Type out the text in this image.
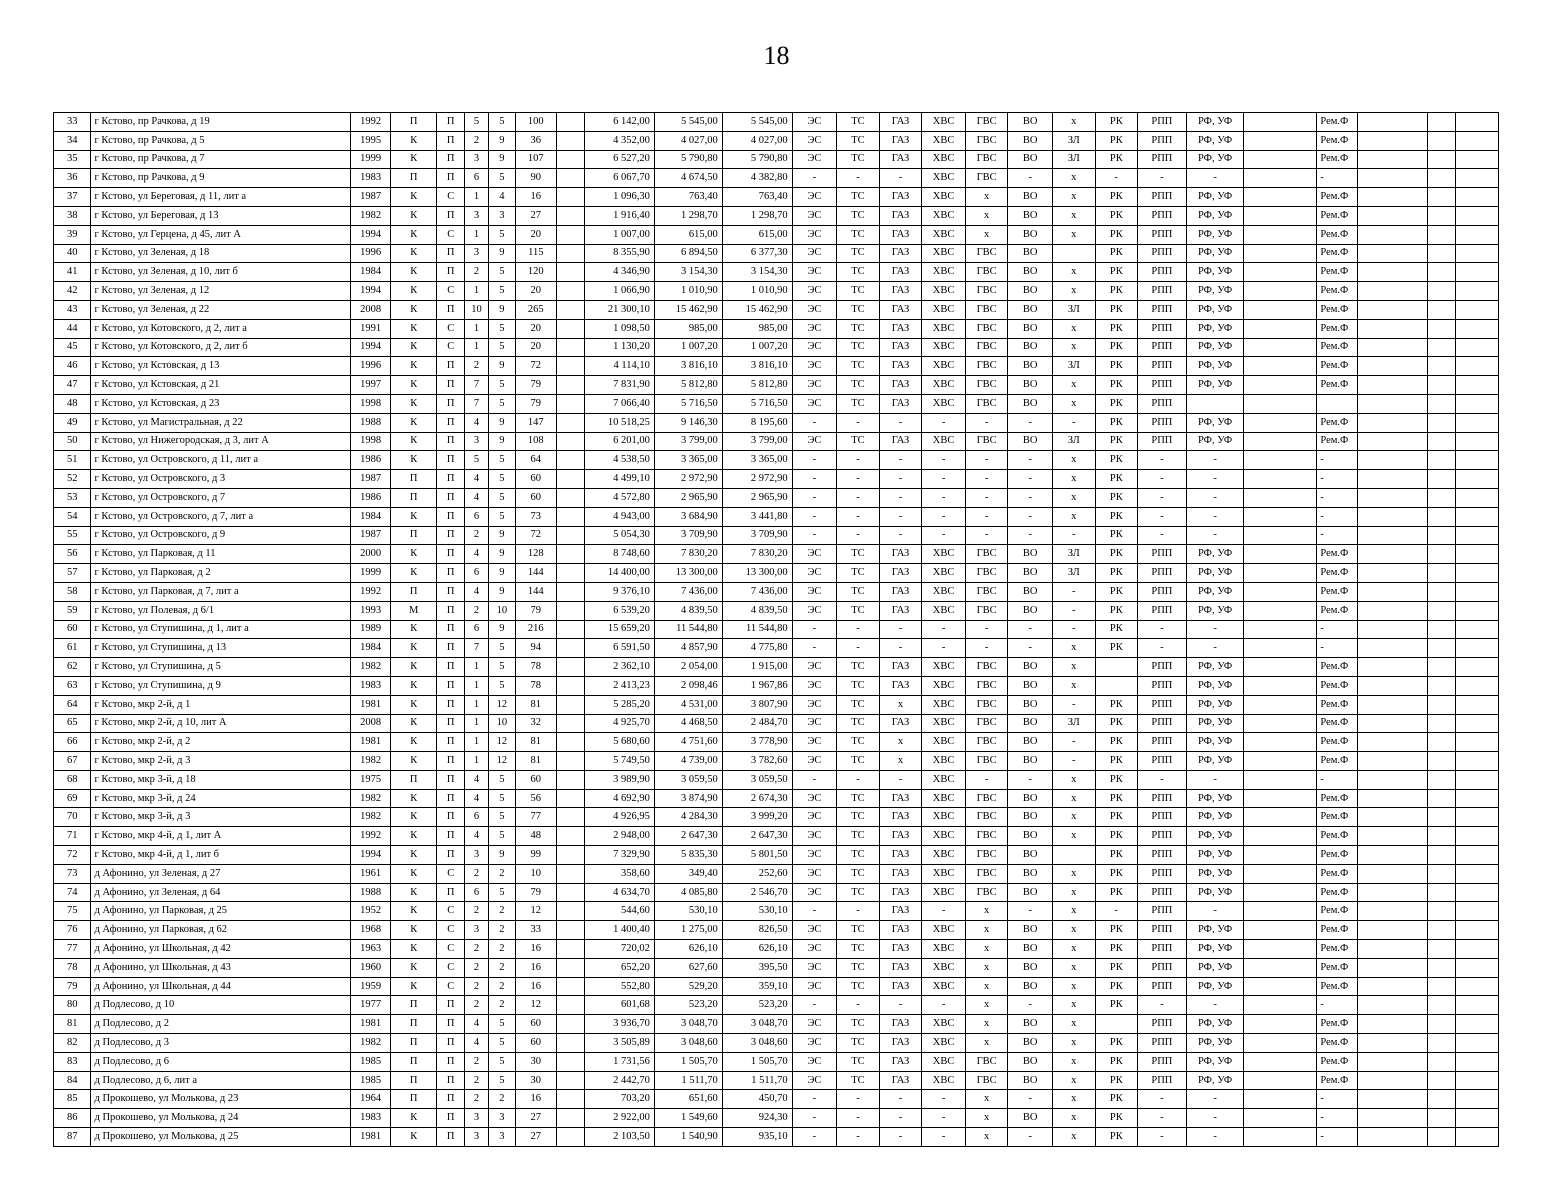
18
33	г Кстово, пр Рачкова, д 19	1992	П	П	5	5	100		6 142,00	5 545,00	5 545,00	ЭС	ТС	ГАЗ	ХВС	ГВС	ВО	х	РК	РПП	РФ, УФ		Рем.Ф			
34	г Кстово, пр Рачкова, д 5	1995	К	П	2	9	36		4 352,00	4 027,00	4 027,00	ЭС	ТС	ГАЗ	ХВС	ГВС	ВО	ЗЛ	РК	РПП	РФ, УФ		Рем.Ф			
35	г Кстово, пр Рачкова, д 7	1999	К	П	3	9	107		6 527,20	5 790,80	5 790,80	ЭС	ТС	ГАЗ	ХВС	ГВС	ВО	ЗЛ	РК	РПП	РФ, УФ		Рем.Ф			
36	г Кстово, пр Рачкова, д 9	1983	П	П	6	5	90		6 067,70	4 674,50	4 382,80	-	-	-	ХВС	ГВС	-	х	-	-	-		-			
37	г Кстово, ул Береговая, д 11, лит а	1987	К	С	1	4	16		1 096,30	763,40	763,40	ЭС	ТС	ГАЗ	ХВС	х	ВО	х	РК	РПП	РФ, УФ		Рем.Ф			
38	г Кстово, ул Береговая, д 13	1982	К	П	3	3	27		1 916,40	1 298,70	1 298,70	ЭС	ТС	ГАЗ	ХВС	х	ВО	х	РК	РПП	РФ, УФ		Рем.Ф			
39	г Кстово, ул Герцена, д 45, лит А	1994	К	С	1	5	20		1 007,00	615,00	615,00	ЭС	ТС	ГАЗ	ХВС	х	ВО	х	РК	РПП	РФ, УФ		Рем.Ф			
40	г Кстово, ул Зеленая, д 18	1996	К	П	3	9	115		8 355,90	6 894,50	6 377,30	ЭС	ТС	ГАЗ	ХВС	ГВС	ВО		РК	РПП	РФ, УФ		Рем.Ф			
41	г Кстово, ул Зеленая, д 10, лит б	1984	К	П	2	5	120		4 346,90	3 154,30	3 154,30	ЭС	ТС	ГАЗ	ХВС	ГВС	ВО	х	РК	РПП	РФ, УФ		Рем.Ф			
42	г Кстово, ул Зеленая, д 12	1994	К	С	1	5	20		1 066,90	1 010,90	1 010,90	ЭС	ТС	ГАЗ	ХВС	ГВС	ВО	х	РК	РПП	РФ, УФ		Рем.Ф			
43	г Кстово, ул Зеленая, д 22	2008	К	П	10	9	265		21 300,10	15 462,90	15 462,90	ЭС	ТС	ГАЗ	ХВС	ГВС	ВО	ЗЛ	РК	РПП	РФ, УФ		Рем.Ф			
44	г Кстово, ул Котовского, д 2, лит а	1991	К	С	1	5	20		1 098,50	985,00	985,00	ЭС	ТС	ГАЗ	ХВС	ГВС	ВО	х	РК	РПП	РФ, УФ		Рем.Ф			
45	г Кстово, ул Котовского, д 2, лит б	1994	К	С	1	5	20		1 130,20	1 007,20	1 007,20	ЭС	ТС	ГАЗ	ХВС	ГВС	ВО	х	РК	РПП	РФ, УФ		Рем.Ф			
46	г Кстово, ул Кстовская, д 13	1996	К	П	2	9	72		4 114,10	3 816,10	3 816,10	ЭС	ТС	ГАЗ	ХВС	ГВС	ВО	ЗЛ	РК	РПП	РФ, УФ		Рем.Ф			
47	г Кстово, ул Кстовская, д 21	1997	К	П	7	5	79		7 831,90	5 812,80	5 812,80	ЭС	ТС	ГАЗ	ХВС	ГВС	ВО	х	РК	РПП	РФ, УФ		Рем.Ф			
48	г Кстово, ул Кстовская, д 23	1998	К	П	7	5	79		7 066,40	5 716,50	5 716,50	ЭС	ТС	ГАЗ	ХВС	ГВС	ВО	х	РК	РПП						
49	г Кстово, ул Магистральная, д 22	1988	К	П	4	9	147		10 518,25	9 146,30	8 195,60	-	-	-	-	-	-	-	РК	РПП	РФ, УФ		Рем.Ф			
50	г Кстово, ул Нижегородская, д 3, лит А	1998	К	П	3	9	108		6 201,00	3 799,00	3 799,00	ЭС	ТС	ГАЗ	ХВС	ГВС	ВО	ЗЛ	РК	РПП	РФ, УФ		Рем.Ф			
51	г Кстово, ул Островского, д 11, лит а	1986	К	П	5	5	64		4 538,50	3 365,00	3 365,00	-	-	-	-	-	-	х	РК	-	-		-			
52	г Кстово, ул Островского, д 3	1987	П	П	4	5	60		4 499,10	2 972,90	2 972,90	-	-	-	-	-	-	х	РК	-	-		-			
53	г Кстово, ул Островского, д 7	1986	П	П	4	5	60		4 572,80	2 965,90	2 965,90	-	-	-	-	-	-	х	РК	-	-		-			
54	г Кстово, ул Островского, д 7, лит а	1984	К	П	6	5	73		4 943,00	3 684,90	3 441,80	-	-	-	-	-	-	х	РК	-	-		-			
55	г Кстово, ул Островского, д 9	1987	П	П	2	9	72		5 054,30	3 709,90	3 709,90	-	-	-	-	-	-	-	РК	-	-		-			
56	г Кстово, ул Парковая, д 11	2000	К	П	4	9	128		8 748,60	7 830,20	7 830,20	ЭС	ТС	ГАЗ	ХВС	ГВС	ВО	ЗЛ	РК	РПП	РФ, УФ		Рем.Ф			
57	г Кстово, ул Парковая, д 2	1999	К	П	6	9	144		14 400,00	13 300,00	13 300,00	ЭС	ТС	ГАЗ	ХВС	ГВС	ВО	ЗЛ	РК	РПП	РФ, УФ		Рем.Ф			
58	г Кстово, ул Парковая, д 7, лит а	1992	П	П	4	9	144		9 376,10	7 436,00	7 436,00	ЭС	ТС	ГАЗ	ХВС	ГВС	ВО	-	РК	РПП	РФ, УФ		Рем.Ф			
59	г Кстово, ул Полевая, д 6/1	1993	М	П	2	10	79		6 539,20	4 839,50	4 839,50	ЭС	ТС	ГАЗ	ХВС	ГВС	ВО	-	РК	РПП	РФ, УФ		Рем.Ф			
60	г Кстово, ул Ступишина, д 1, лит а	1989	К	П	6	9	216		15 659,20	11 544,80	11 544,80	-	-	-	-	-	-	-	РК	-	-		-			
61	г Кстово, ул Ступишина, д 13	1984	К	П	7	5	94		6 591,50	4 857,90	4 775,80	-	-	-	-	-	-	х	РК	-	-		-			
62	г Кстово, ул Ступишина, д 5	1982	К	П	1	5	78		2 362,10	2 054,00	1 915,00	ЭС	ТС	ГАЗ	ХВС	ГВС	ВО	х		РПП	РФ, УФ		Рем.Ф			
63	г Кстово, ул Ступишина, д 9	1983	К	П	1	5	78		2 413,23	2 098,46	1 967,86	ЭС	ТС	ГАЗ	ХВС	ГВС	ВО	х		РПП	РФ, УФ		Рем.Ф			
64	г Кстово, мкр 2-й, д 1	1981	К	П	1	12	81		5 285,20	4 531,00	3 807,90	ЭС	ТС	х	ХВС	ГВС	ВО	-	РК	РПП	РФ, УФ		Рем.Ф			
65	г Кстово, мкр 2-й, д 10, лит А	2008	К	П	1	10	32		4 925,70	4 468,50	2 484,70	ЭС	ТС	ГАЗ	ХВС	ГВС	ВО	ЗЛ	РК	РПП	РФ, УФ		Рем.Ф			
66	г Кстово, мкр 2-й, д 2	1981	К	П	1	12	81		5 680,60	4 751,60	3 778,90	ЭС	ТС	х	ХВС	ГВС	ВО	-	РК	РПП	РФ, УФ		Рем.Ф			
67	г Кстово, мкр 2-й, д 3	1982	К	П	1	12	81		5 749,50	4 739,00	3 782,60	ЭС	ТС	х	ХВС	ГВС	ВО	-	РК	РПП	РФ, УФ		Рем.Ф			
68	г Кстово, мкр 3-й, д 18	1975	П	П	4	5	60		3 989,90	3 059,50	3 059,50	-	-	-	ХВС	-	-	х	РК	-	-		-			
69	г Кстово, мкр 3-й, д 24	1982	К	П	4	5	56		4 692,90	3 874,90	2 674,30	ЭС	ТС	ГАЗ	ХВС	ГВС	ВО	х	РК	РПП	РФ, УФ		Рем.Ф			
70	г Кстово, мкр 3-й, д 3	1982	К	П	6	5	77		4 926,95	4 284,30	3 999,20	ЭС	ТС	ГАЗ	ХВС	ГВС	ВО	х	РК	РПП	РФ, УФ		Рем.Ф			
71	г Кстово, мкр 4-й, д 1, лит А	1992	К	П	4	5	48		2 948,00	2 647,30	2 647,30	ЭС	ТС	ГАЗ	ХВС	ГВС	ВО	х	РК	РПП	РФ, УФ		Рем.Ф			
72	г Кстово, мкр 4-й, д 1, лит б	1994	К	П	3	9	99		7 329,90	5 835,30	5 801,50	ЭС	ТС	ГАЗ	ХВС	ГВС	ВО		РК	РПП	РФ, УФ		Рем.Ф			
73	д Афонино, ул Зеленая, д 27	1961	К	С	2	2	10		358,60	349,40	252,60	ЭС	ТС	ГАЗ	ХВС	ГВС	ВО	х	РК	РПП	РФ, УФ		Рем.Ф			
74	д Афонино, ул Зеленая, д 64	1988	К	П	6	5	79		4 634,70	4 085,80	2 546,70	ЭС	ТС	ГАЗ	ХВС	ГВС	ВО	х	РК	РПП	РФ, УФ		Рем.Ф			
75	д Афонино, ул Парковая, д 25	1952	К	С	2	2	12		544,60	530,10	530,10	-	-	ГАЗ	-	х	-	х	-	РПП	-		Рем.Ф			
76	д Афонино, ул Парковая, д 62	1968	К	С	3	2	33		1 400,40	1 275,00	826,50	ЭС	ТС	ГАЗ	ХВС	х	ВО	х	РК	РПП	РФ, УФ		Рем.Ф			
77	д Афонино, ул Школьная, д 42	1963	К	С	2	2	16		720,02	626,10	626,10	ЭС	ТС	ГАЗ	ХВС	х	ВО	х	РК	РПП	РФ, УФ		Рем.Ф			
78	д Афонино, ул Школьная, д 43	1960	К	С	2	2	16		652,20	627,60	395,50	ЭС	ТС	ГАЗ	ХВС	х	ВО	х	РК	РПП	РФ, УФ		Рем.Ф			
79	д Афонино, ул Школьная, д 44	1959	К	С	2	2	16		552,80	529,20	359,10	ЭС	ТС	ГАЗ	ХВС	х	ВО	х	РК	РПП	РФ, УФ		Рем.Ф			
80	д Подлесово, д 10	1977	П	П	2	2	12		601,68	523,20	523,20	-	-	-	-	х	-	х	РК	-	-		-			
81	д Подлесово, д 2	1981	П	П	4	5	60		3 936,70	3 048,70	3 048,70	ЭС	ТС	ГАЗ	ХВС	х	ВО	х		РПП	РФ, УФ		Рем.Ф			
82	д Подлесово, д 3	1982	П	П	4	5	60		3 505,89	3 048,60	3 048,60	ЭС	ТС	ГАЗ	ХВС	х	ВО	х	РК	РПП	РФ, УФ		Рем.Ф			
83	д Подлесово, д 6	1985	П	П	2	5	30		1 731,56	1 505,70	1 505,70	ЭС	ТС	ГАЗ	ХВС	ГВС	ВО	х	РК	РПП	РФ, УФ		Рем.Ф			
84	д Подлесово, д 6, лит а	1985	П	П	2	5	30		2 442,70	1 511,70	1 511,70	ЭС	ТС	ГАЗ	ХВС	ГВС	ВО	х	РК	РПП	РФ, УФ		Рем.Ф			
85	д Прокошево, ул Молькова, д 23	1964	П	П	2	2	16		703,20	651,60	450,70	-	-	-	-	х	-	х	РК	-	-		-			
86	д Прокошево, ул Молькова, д 24	1983	К	П	3	3	27		2 922,00	1 549,60	924,30	-	-	-	-	х	ВО	х	РК	-	-		-			
87	д Прокошево, ул Молькова, д 25	1981	К	П	3	3	27		2 103,50	1 540,90	935,10	-	-	-	-	х	-	х	РК	-	-		-			
